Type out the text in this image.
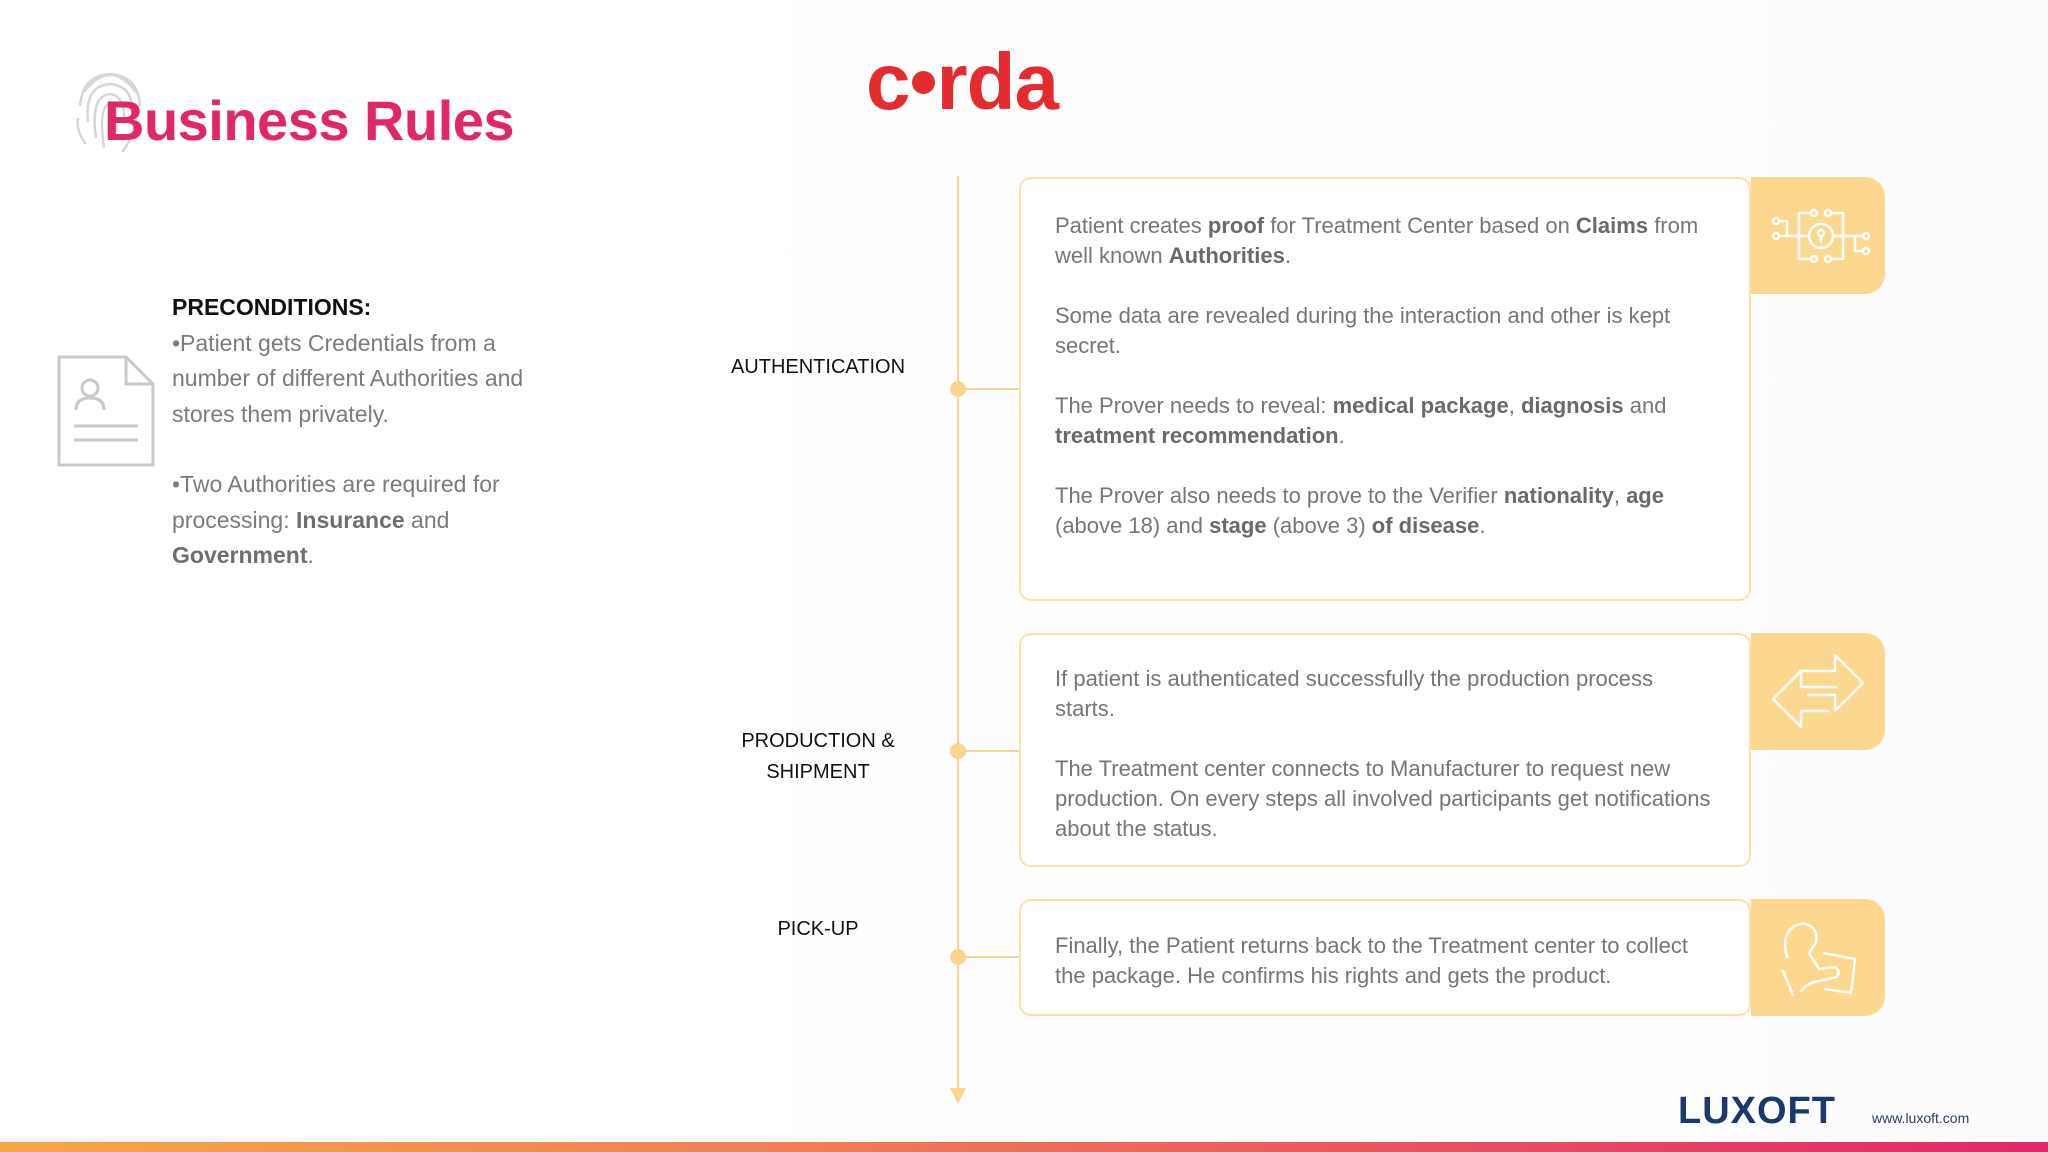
Business Rules	c•rda

PRECONDITIONS:

•Patient gets Credentials from a number of different Authorities and stores them privately.

•Two Authorities are required for processing: Insurance and Government.

AUTHENTICATION
PRODUCTION &
SHIPMENT
PICK-UP

Patient creates proof for Treatment Center based on Claims from well known Authorities.

Some data are revealed during the interaction and other is kept secret.

The Prover needs to reveal: medical package, diagnosis and treatment recommendation.

The Prover also needs to prove to the Verifier nationality, age (above 18) and stage (above 3) of disease.

If patient is authenticated successfully the production process starts.

The Treatment center connects to Manufacturer to request new production. On every steps all involved participants get notifications about the status.

Finally, the Patient returns back to the Treatment center to collect the package. He confirms his rights and gets the product.

LUXOFT	www.luxoft.com
